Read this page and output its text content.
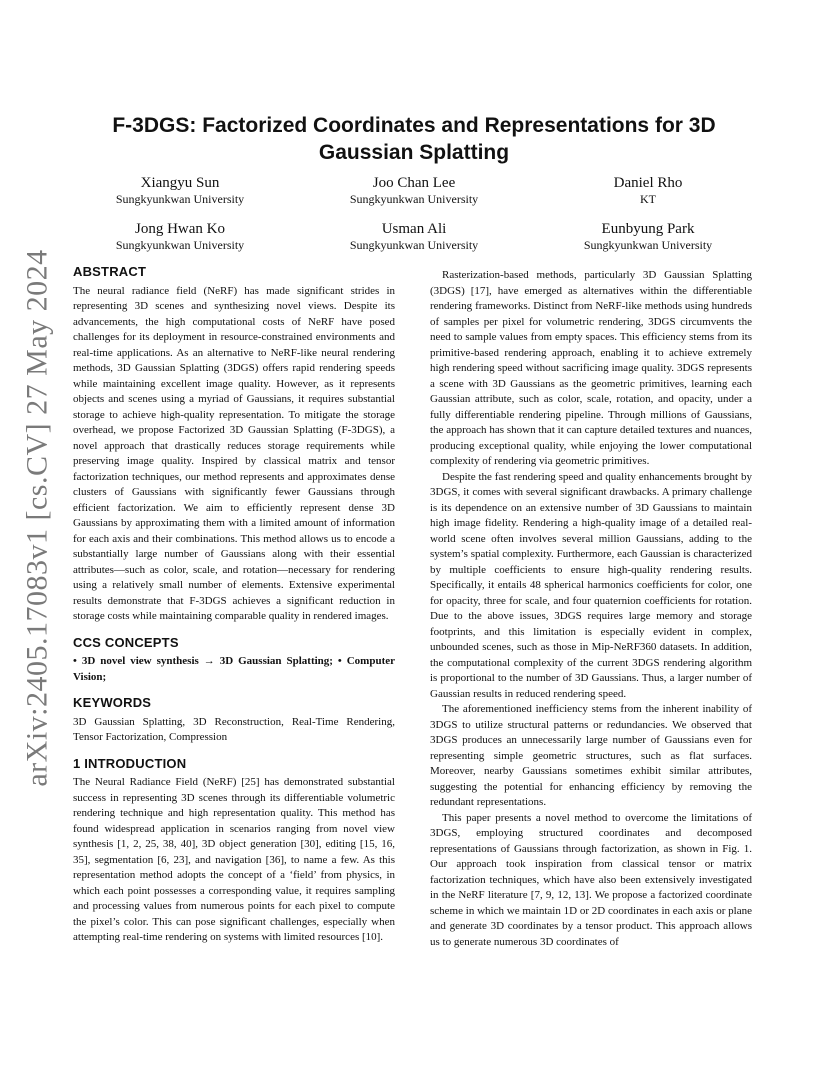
arXiv:2405.17083v1 [cs.CV] 27 May 2024
F-3DGS: Factorized Coordinates and Representations for 3D Gaussian Splatting
Xiangyu Sun
Sungkyunkwan University
Joo Chan Lee
Sungkyunkwan University
Daniel Rho
KT
Jong Hwan Ko
Sungkyunkwan University
Usman Ali
Sungkyunkwan University
Eunbyung Park
Sungkyunkwan University
ABSTRACT

The neural radiance field (NeRF) has made significant strides in representing 3D scenes and synthesizing novel views. Despite its advancements, the high computational costs of NeRF have posed challenges for its deployment in resource-constrained environments and real-time applications. As an alternative to NeRF-like neural rendering methods, 3D Gaussian Splatting (3DGS) offers rapid rendering speeds while maintaining excellent image quality. However, as it represents objects and scenes using a myriad of Gaussians, it requires substantial storage to achieve high-quality representation. To mitigate the storage overhead, we propose Factorized 3D Gaussian Splatting (F-3DGS), a novel approach that drastically reduces storage requirements while preserving image quality. Inspired by classical matrix and tensor factorization techniques, our method represents and approximates dense clusters of Gaussians with significantly fewer Gaussians through efficient factorization. We aim to efficiently represent dense 3D Gaussians by approximating them with a limited amount of information for each axis and their combinations. This method allows us to encode a substantially large number of Gaussians along with their essential attributes—such as color, scale, and rotation—necessary for rendering using a relatively small number of elements. Extensive experimental results demonstrate that F-3DGS achieves a significant reduction in storage costs while maintaining comparable quality in rendered images.

CCS CONCEPTS

• 3D novel view synthesis → 3D Gaussian Splatting; • Computer Vision;

KEYWORDS

3D Gaussian Splatting, 3D Reconstruction, Real-Time Rendering, Tensor Factorization, Compression

1 INTRODUCTION

The Neural Radiance Field (NeRF) [25] has demonstrated substantial success in representing 3D scenes through its differentiable volumetric rendering technique and high representation quality. This method has found widespread application in scenarios ranging from novel view synthesis [1, 2, 25, 38, 40], 3D object generation [30], editing [15, 16, 35], segmentation [6, 23], and navigation [36], to name a few. As this representation method adopts the concept of a ‘field’ from physics, in which each point possesses a corresponding value, it requires sampling and processing values from numerous points for each pixel to compute the pixel’s color. This can pose significant challenges, especially when attempting real-time rendering on systems with limited resources [10].

Rasterization-based methods, particularly 3D Gaussian Splatting (3DGS) [17], have emerged as alternatives within the differentiable rendering frameworks. Distinct from NeRF-like methods using hundreds of samples per pixel for volumetric rendering, 3DGS circumvents the need to sample values from empty spaces. This efficiency stems from its primitive-based rendering approach, enabling it to achieve extremely high rendering speed without sacrificing image quality. 3DGS represents a scene with 3D Gaussians as the geometric primitives, learning each Gaussian attribute, such as color, scale, rotation, and opacity, under a fully differentiable rendering pipeline. Through millions of Gaussians, the approach has shown that it can capture detailed textures and nuances, producing exceptional quality, while enjoying the lower computational complexity of rendering via geometric primitives.

Despite the fast rendering speed and quality enhancements brought by 3DGS, it comes with several significant drawbacks. A primary challenge is its dependence on an extensive number of 3D Gaussians to maintain high image fidelity. Rendering a high-quality image of a detailed real-world scene often involves several million Gaussians, adding to the system’s spatial complexity. Furthermore, each Gaussian is characterized by multiple coefficients to ensure high-quality rendering results. Specifically, it entails 48 spherical harmonics coefficients for color, one for opacity, three for scale, and four quaternion coefficients for rotation. Due to the above issues, 3DGS requires large memory and storage footprints, and this limitation is especially evident in complex, unbounded scenes, such as those in Mip-NeRF360 datasets. In addition, the computational complexity of the current 3DGS rendering algorithm is proportional to the number of 3D Gaussians. Thus, a larger number of Gaussian results in reduced rendering speed.

The aforementioned inefficiency stems from the inherent inability of 3DGS to utilize structural patterns or redundancies. We observed that 3DGS produces an unnecessarily large number of Gaussians even for representing simple geometric structures, such as flat surfaces. Moreover, nearby Gaussians sometimes exhibit similar attributes, suggesting the potential for enhancing efficiency by removing the redundant representations.

This paper presents a novel method to overcome the limitations of 3DGS, employing structured coordinates and decomposed representations of Gaussians through factorization, as shown in Fig. 1. Our approach took inspiration from classical tensor or matrix factorization techniques, which have also been extensively investigated in the NeRF literature [7, 9, 12, 13]. We propose a factorized coordinate scheme in which we maintain 1D or 2D coordinates in each axis or plane and generate 3D coordinates by a tensor product. This approach allows us to generate numerous 3D coordinates of
